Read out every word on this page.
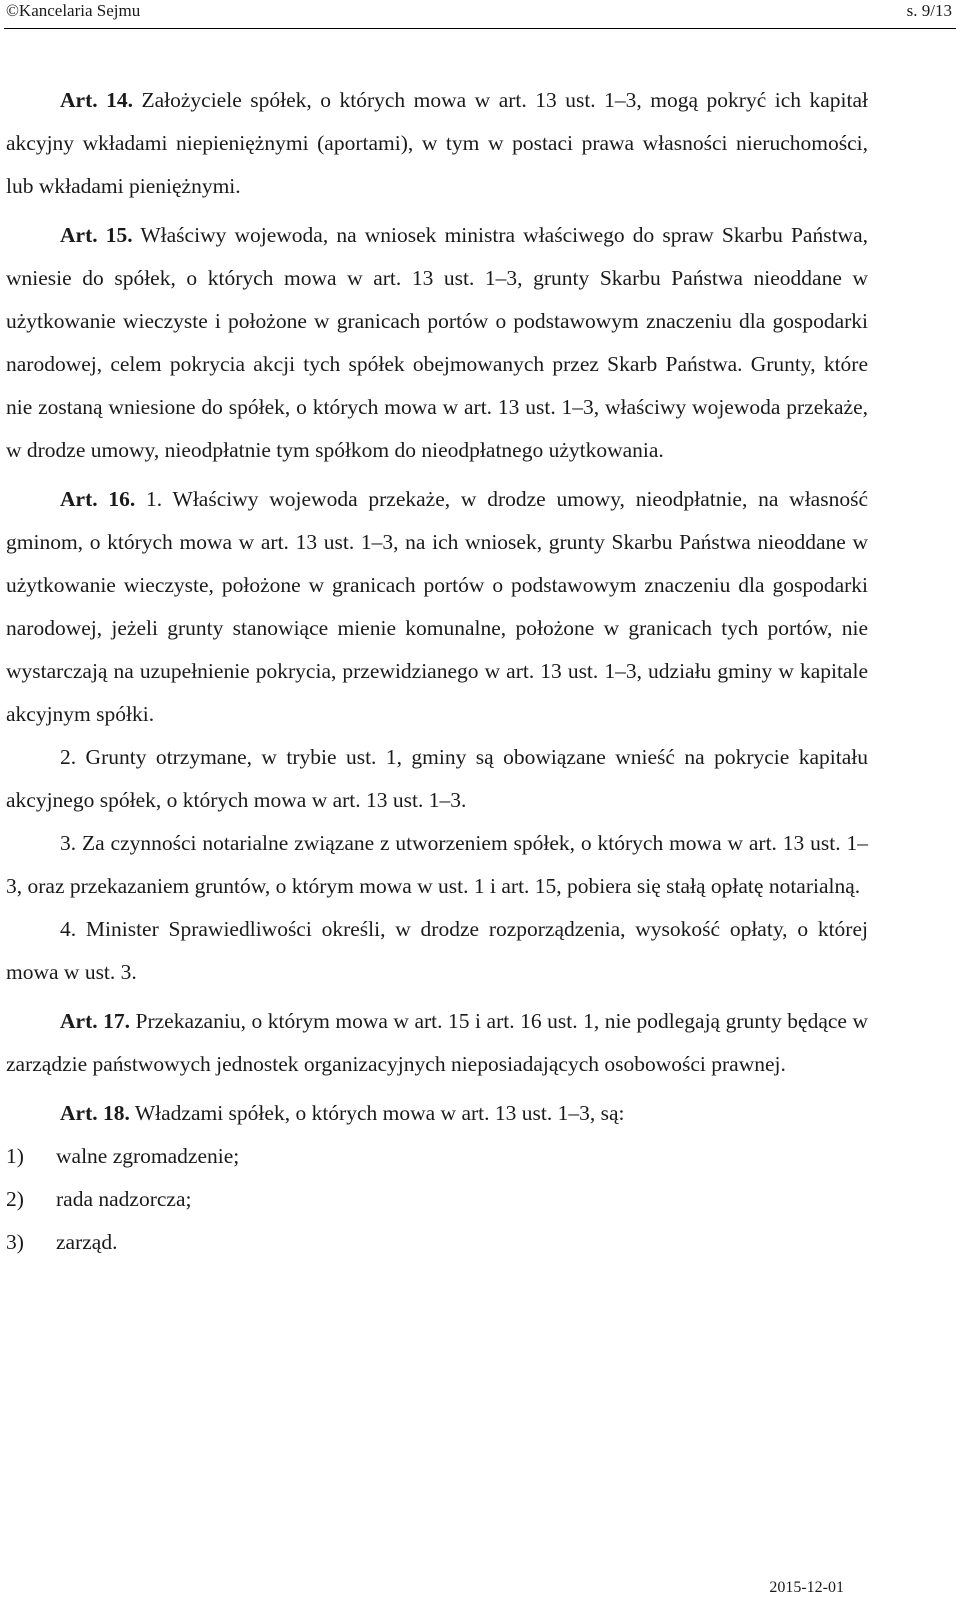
©Kancelaria Sejmu	s. 9/13

Art. 14. Założyciele spółek, o których mowa w art. 13 ust. 1–3, mogą pokryć ich kapitał akcyjny wkładami niepieniężnymi (aportami), w tym w postaci prawa własności nieruchomości, lub wkładami pieniężnymi.

Art. 15. Właściwy wojewoda, na wniosek ministra właściwego do spraw Skarbu Państwa, wniesie do spółek, o których mowa w art. 13 ust. 1–3, grunty Skarbu Państwa nieoddane w użytkowanie wieczyste i położone w granicach portów o podstawowym znaczeniu dla gospodarki narodowej, celem pokrycia akcji tych spółek obejmowanych przez Skarb Państwa. Grunty, które nie zostaną wniesione do spółek, o których mowa w art. 13 ust. 1–3, właściwy wojewoda przekaże, w drodze umowy, nieodpłatnie tym spółkom do nieodpłatnego użytkowania.

Art. 16. 1. Właściwy wojewoda przekaże, w drodze umowy, nieodpłatnie, na własność gminom, o których mowa w art. 13 ust. 1–3, na ich wniosek, grunty Skarbu Państwa nieoddane w użytkowanie wieczyste, położone w granicach portów o podstawowym znaczeniu dla gospodarki narodowej, jeżeli grunty stanowiące mienie komunalne, położone w granicach tych portów, nie wystarczają na uzupełnienie pokrycia, przewidzianego w art. 13 ust. 1–3, udziału gminy w kapitale akcyjnym spółki.

2. Grunty otrzymane, w trybie ust. 1, gminy są obowiązane wnieść na pokrycie kapitału akcyjnego spółek, o których mowa w art. 13 ust. 1–3.

3. Za czynności notarialne związane z utworzeniem spółek, o których mowa w art. 13 ust. 1–3, oraz przekazaniem gruntów, o którym mowa w ust. 1 i art. 15, pobiera się stałą opłatę notarialną.

4. Minister Sprawiedliwości określi, w drodze rozporządzenia, wysokość opłaty, o której mowa w ust. 3.

Art. 17. Przekazaniu, o którym mowa w art. 15 i art. 16 ust. 1, nie podlegają grunty będące w zarządzie państwowych jednostek organizacyjnych nieposiadających osobowości prawnej.

Art. 18. Władzami spółek, o których mowa w art. 13 ust. 1–3, są:

1)	walne zgromadzenie;
2)	rada nadzorcza;
3)	zarząd.
2015-12-01
